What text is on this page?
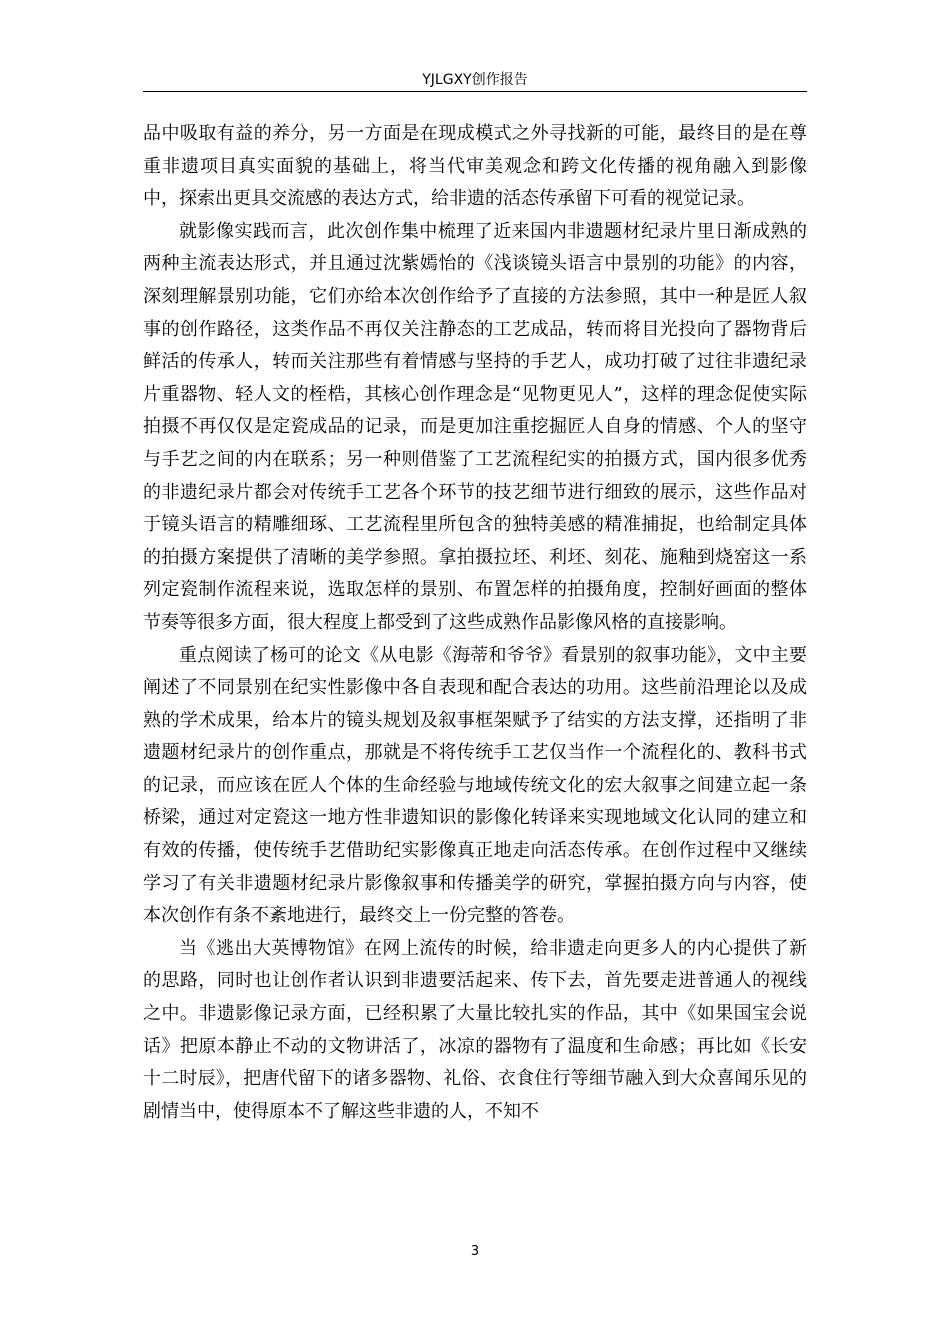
YJLGXY创作报告

品中吸取有益的养分，另一方面是在现成模式之外寻找新的可能，最终目的是在尊重非遗项目真实面貌的基础上，将当代审美观念和跨文化传播的视角融入到影像中，探索出更具交流感的表达方式，给非遗的活态传承留下可看的视觉记录。

就影像实践而言，此次创作集中梳理了近来国内非遗题材纪录片里日渐成熟的两种主流表达形式，并且通过沈紫嫣怡的《浅谈镜头语言中景别的功能》的内容，深刻理解景别功能，它们亦给本次创作给予了直接的方法参照，其中一种是匠人叙事的创作路径，这类作品不再仅关注静态的工艺成品，转而将目光投向了器物背后鲜活的传承人，转而关注那些有着情感与坚持的手艺人，成功打破了过往非遗纪录片重器物、轻人文的桎梏，其核心创作理念是“见物更见人”，这样的理念促使实际拍摄不再仅仅是定瓷成品的记录，而是更加注重挖掘匠人自身的情感、个人的坚守与手艺之间的内在联系；另一种则借鉴了工艺流程纪实的拍摄方式，国内很多优秀的非遗纪录片都会对传统手工艺各个环节的技艺细节进行细致的展示，这些作品对于镜头语言的精雕细琢、工艺流程里所包含的独特美感的精准捕捉，也给制定具体的拍摄方案提供了清晰的美学参照。拿拍摄拉坯、利坯、刻花、施釉到烧窑这一系列定瓷制作流程来说，选取怎样的景别、布置怎样的拍摄角度，控制好画面的整体节奏等很多方面，很大程度上都受到了这些成熟作品影像风格的直接影响。

重点阅读了杨可的论文《从电影《海蒂和爷爷》看景别的叙事功能》，文中主要阐述了不同景别在纪实性影像中各自表现和配合表达的功用。这些前沿理论以及成熟的学术成果，给本片的镜头规划及叙事框架赋予了结实的方法支撑，还指明了非遗题材纪录片的创作重点，那就是不将传统手工艺仅当作一个流程化的、教科书式的记录，而应该在匠人个体的生命经验与地域传统文化的宏大叙事之间建立起一条桥梁，通过对定瓷这一地方性非遗知识的影像化转译来实现地域文化认同的建立和有效的传播，使传统手艺借助纪实影像真正地走向活态传承。在创作过程中又继续学习了有关非遗题材纪录片影像叙事和传播美学的研究，掌握拍摄方向与内容，使本次创作有条不紊地进行，最终交上一份完整的答卷。

当《逃出大英博物馆》在网上流传的时候，给非遗走向更多人的内心提供了新的思路，同时也让创作者认识到非遗要活起来、传下去，首先要走进普通人的视线之中。非遗影像记录方面，已经积累了大量比较扎实的作品，其中《如果国宝会说话》把原本静止不动的文物讲活了，冰凉的器物有了温度和生命感；再比如《长安十二时辰》，把唐代留下的诸多器物、礼俗、衣食住行等细节融入到大众喜闻乐见的剧情当中，使得原本不了解这些非遗的人，不知不

3
